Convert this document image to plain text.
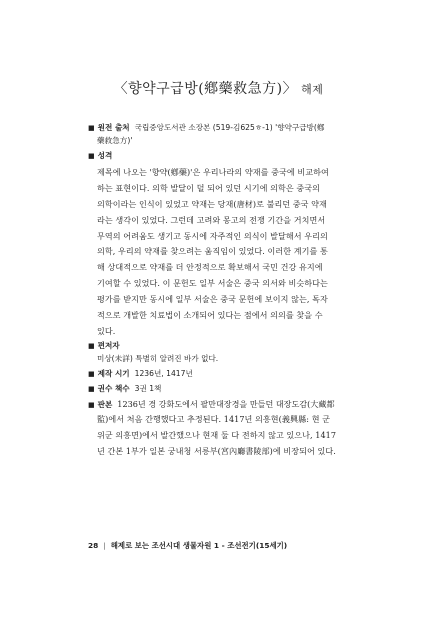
〈향약구급방(鄕藥救急方)〉 해제

■ 원전 출처 국립중앙도서관 소장본 (519-김625ㅎ-1) '향약구급방(鄕
藥救急方)'

■ 성격

제목에 나오는 '향약(鄕藥)'은 우리나라의 약재를 중국에 비교하여
하는 표현이다. 의학 발달이 덜 되어 있던 시기에 의학은 중국의
의학이라는 인식이 있었고 약재는 당재(唐材)로 불리던 중국 약재
라는 생각이 있었다. 그런데 고려와 몽고의 전쟁 기간을 거치면서
무역의 어려움도 생기고 동시에 자주적인 의식이 발달해서 우리의
의학, 우리의 약재를 찾으려는 움직임이 있었다. 이러한 계기를 통
해 상대적으로 약재를 더 안정적으로 확보해서 국민 건강 유지에
기여할 수 있었다. 이 문헌도 일부 서술은 중국 의서와 비슷하다는
평가를 받지만 동시에 일부 서술은 중국 문헌에 보이지 않는, 독자
적으로 개발한 치료법이 소개되어 있다는 점에서 의의를 찾을 수
있다.

■ 편저자

미상(未詳) 특별히 알려진 바가 없다.

■ 제작 시기 1236년, 1417년

■ 권수 책수 3권 1책

■ 판본 1236년 경 강화도에서 팔만대장경을 만들던 대장도감(大藏都

監)에서 처음 간행했다고 추정된다. 1417년 의흥현(義興縣: 현 군
위군 의흥면)에서 발간했으나 현재 둘 다 전하지 않고 있으나, 1417
년 간본 1부가 일본 궁내청 서릉부(宮內廳書陵部)에 비장되어 있다.
28 | 해제로 보는 조선시대 생물자원 1 - 조선전기(15세기)
